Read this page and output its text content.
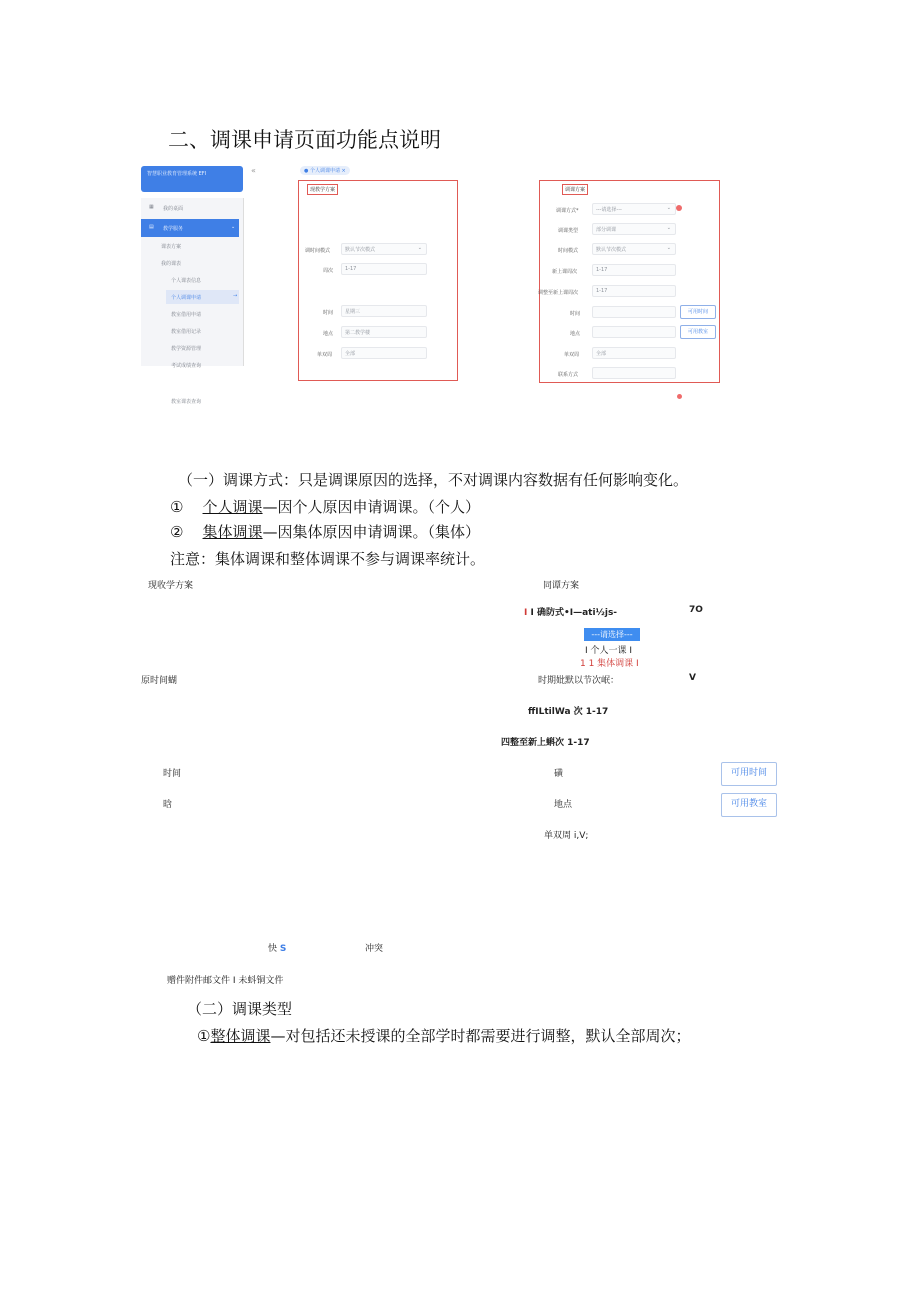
二、调课申请页面功能点说明
智慧职业教育管理系统 EFI	«
▦ 我的桌面
▤ 教学服务	⌄
课表方案
我的课表
个人课表信息
个人调课申请	→
教室借用申请
教室借用记录
教学资源管理
考试成绩查询
教室课表查询
● 个人调课申请 ×
现教学方案
调时间模式	默认节次模式	⌄
周次	1-17
时间	星期三
地点	第二教学楼
单双周	全部
调课方案
调课方式*	---请选择---	⌄
调课类型	部分调课	⌄
时间模式	默认节次模式	⌄
新上课周次	1-17
调整至新上课周次	1-17
时间	可用时间
地点	可用教室
单双周	全部
联系方式
（一）调课方式：只是调课原因的选择，不对调课内容数据有任何影响变化。
① 个人调课—因个人原因申请调课。（个人）
② 集体调课—因集体原因申请调课。（集体）
注意：集体调课和整体调课不参与调课率统计。
现收学方案	同谭方案
I I 确防式•I—ati½js-	7O
---请选择---
I 个人一课 I
1 1 集体调课 I
原时间蝴	时期妣默以节次岷：	V
ffILtilWa 次 1-17
四整至新上蝌次 1-17
时间	磺	可用时间
晗	地点	可用教室
单双周 i,V;
快 S	冲突
赠件附件邮文件 I 未蚪铜文件
（二）调课类型
①整体调课—对包括还未授课的全部学时都需要进行调整，默认全部周次；
